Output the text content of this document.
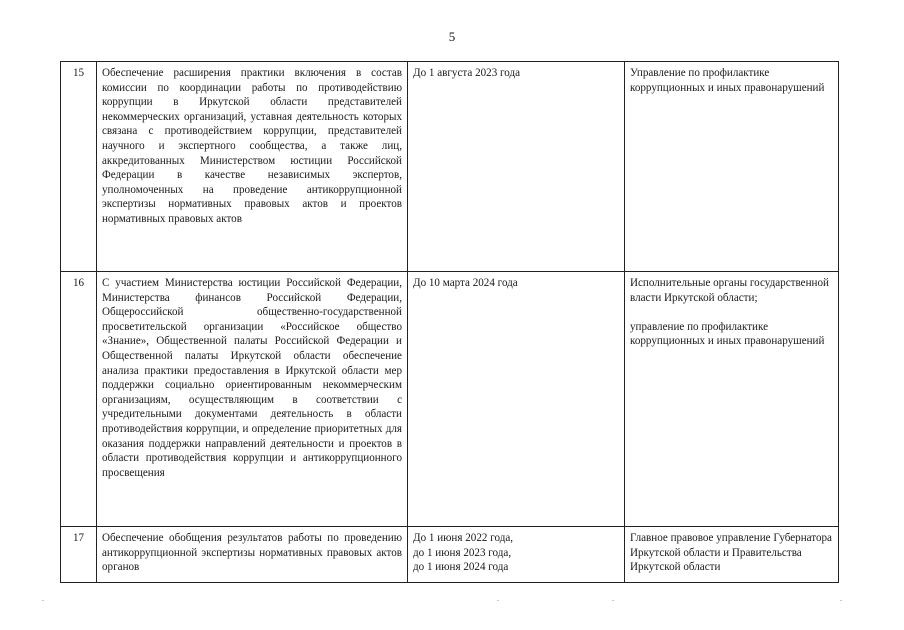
5
15	Обеспечение расширения практики включения в состав комиссии по координации работы по противодействию коррупции в Иркутской области представителей некоммерческих организаций, уставная деятельность которых связана с противодействием коррупции, представителей научного и экспертного сообщества, а также лиц, аккредитованных Министерством юстиции Российской Федерации в качестве независимых экспертов, уполномоченных на проведение антикоррупционной экспертизы нормативных правовых актов и проектов нормативных правовых актов	До 1 августа 2023 года	Управление по профилактике коррупционных и иных правонарушений

16	С участием Министерства юстиции Российской Федерации, Министерства финансов Российской Федерации, Общероссийской общественно-государственной просветительской организации «Российское общество «Знание», Общественной палаты Российской Федерации и Общественной палаты Иркутской области обеспечение анализа практики предоставления в Иркутской области мер поддержки социально ориентированным некоммерческим организациям, осуществляющим в соответствии с учредительными документами деятельность в области противодействия коррупции, и определение приоритетных для оказания поддержки направлений деятельности и проектов в области противодействия коррупции и антикоррупционного просвещения	До 10 марта 2024 года	Исполнительные органы государственной власти Иркутской области;
управление по профилактике коррупционных и иных правонарушений

17	Обеспечение обобщения результатов работы по проведению антикоррупционной экспертизы нормативных правовых актов органов	До 1 июня 2022 года,
до 1 июня 2023 года,
до 1 июня 2024 года	Главное правовое управление Губернатора Иркутской области и Правительства Иркутской области
